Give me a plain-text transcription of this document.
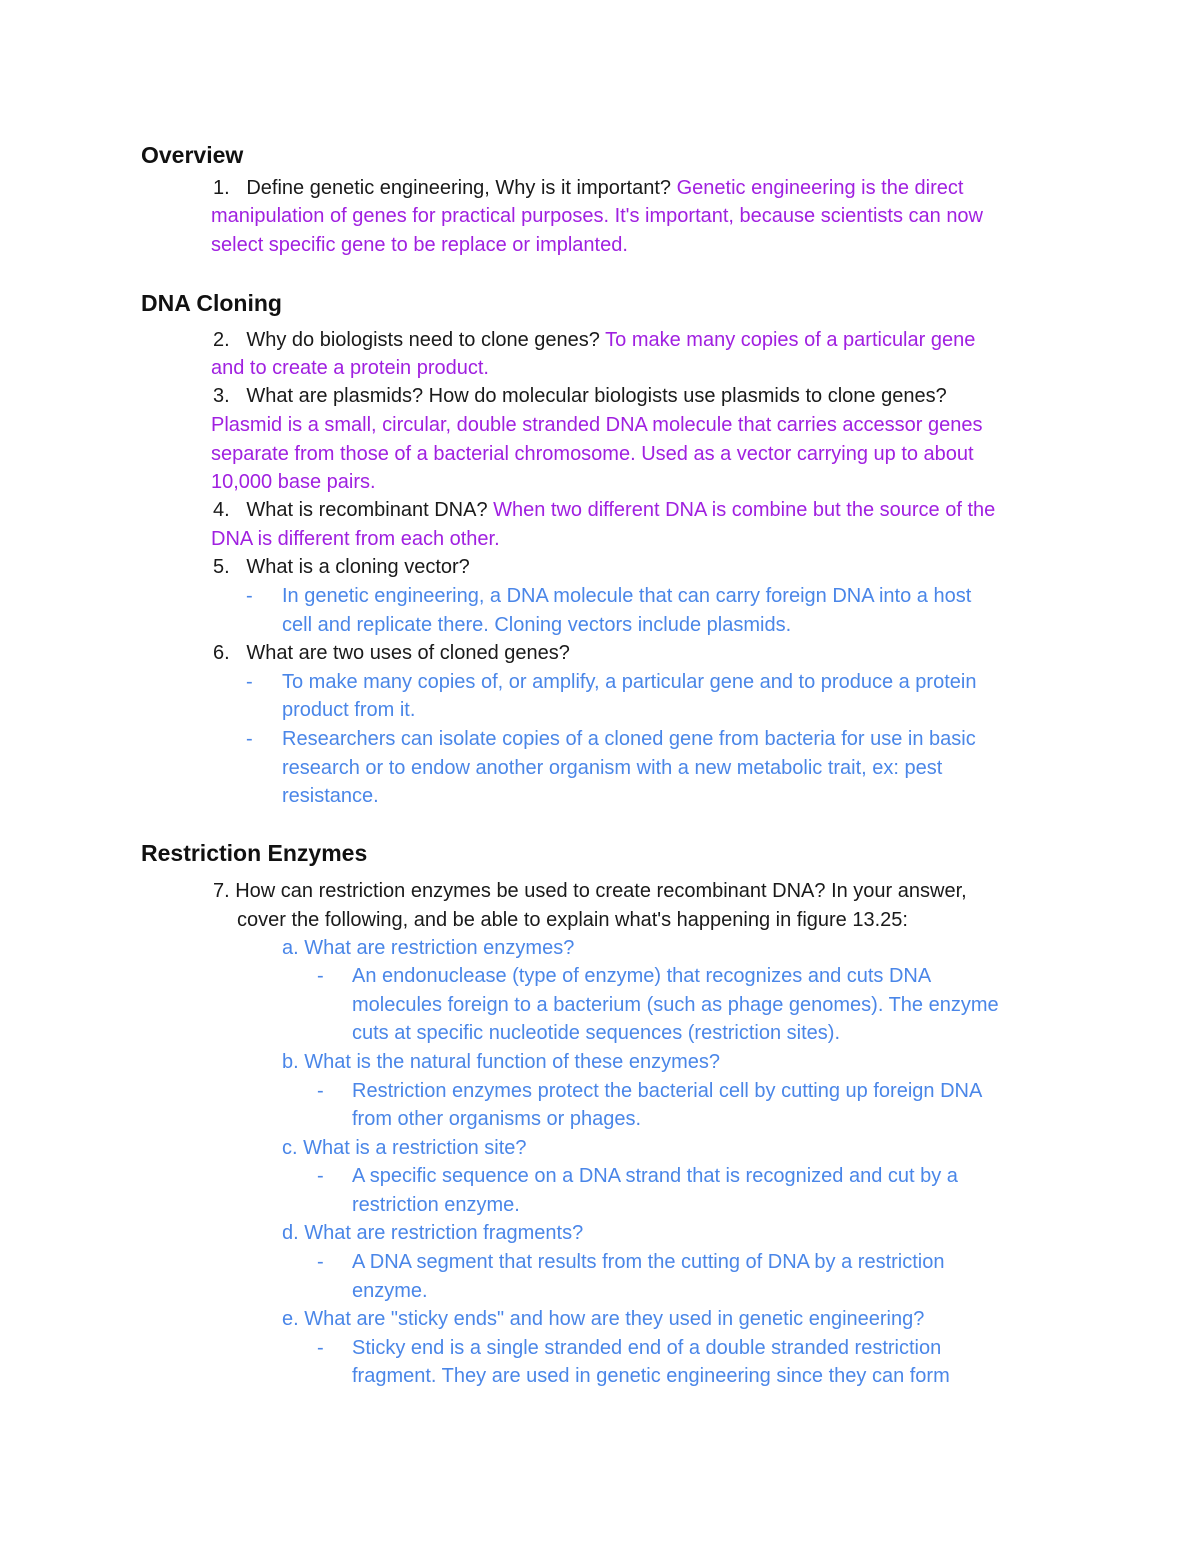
Overview
1. Define genetic engineering, Why is it important? Genetic engineering is the direct
manipulation of genes for practical purposes. It's important, because scientists can now
select specific gene to be replace or implanted.
DNA Cloning
2. Why do biologists need to clone genes? To make many copies of a particular gene
and to create a protein product.
3. What are plasmids? How do molecular biologists use plasmids to clone genes?
Plasmid is a small, circular, double stranded DNA molecule that carries accessor genes
separate from those of a bacterial chromosome. Used as a vector carrying up to about
10,000 base pairs.
4. What is recombinant DNA? When two different DNA is combine but the source of the
DNA is different from each other.
5. What is a cloning vector?
- In genetic engineering, a DNA molecule that can carry foreign DNA into a host
cell and replicate there. Cloning vectors include plasmids.
6. What are two uses of cloned genes?
- To make many copies of, or amplify, a particular gene and to produce a protein
product from it.
- Researchers can isolate copies of a cloned gene from bacteria for use in basic
research or to endow another organism with a new metabolic trait, ex: pest
resistance.
Restriction Enzymes
7. How can restriction enzymes be used to create recombinant DNA? In your answer,
cover the following, and be able to explain what's happening in figure 13.25:
a. What are restriction enzymes?
- An endonuclease (type of enzyme) that recognizes and cuts DNA
molecules foreign to a bacterium (such as phage genomes). The enzyme
cuts at specific nucleotide sequences (restriction sites).
b. What is the natural function of these enzymes?
- Restriction enzymes protect the bacterial cell by cutting up foreign DNA
from other organisms or phages.
c. What is a restriction site?
- A specific sequence on a DNA strand that is recognized and cut by a
restriction enzyme.
d. What are restriction fragments?
- A DNA segment that results from the cutting of DNA by a restriction
enzyme.
e. What are "sticky ends" and how are they used in genetic engineering?
- Sticky end is a single stranded end of a double stranded restriction
fragment. They are used in genetic engineering since they can form
